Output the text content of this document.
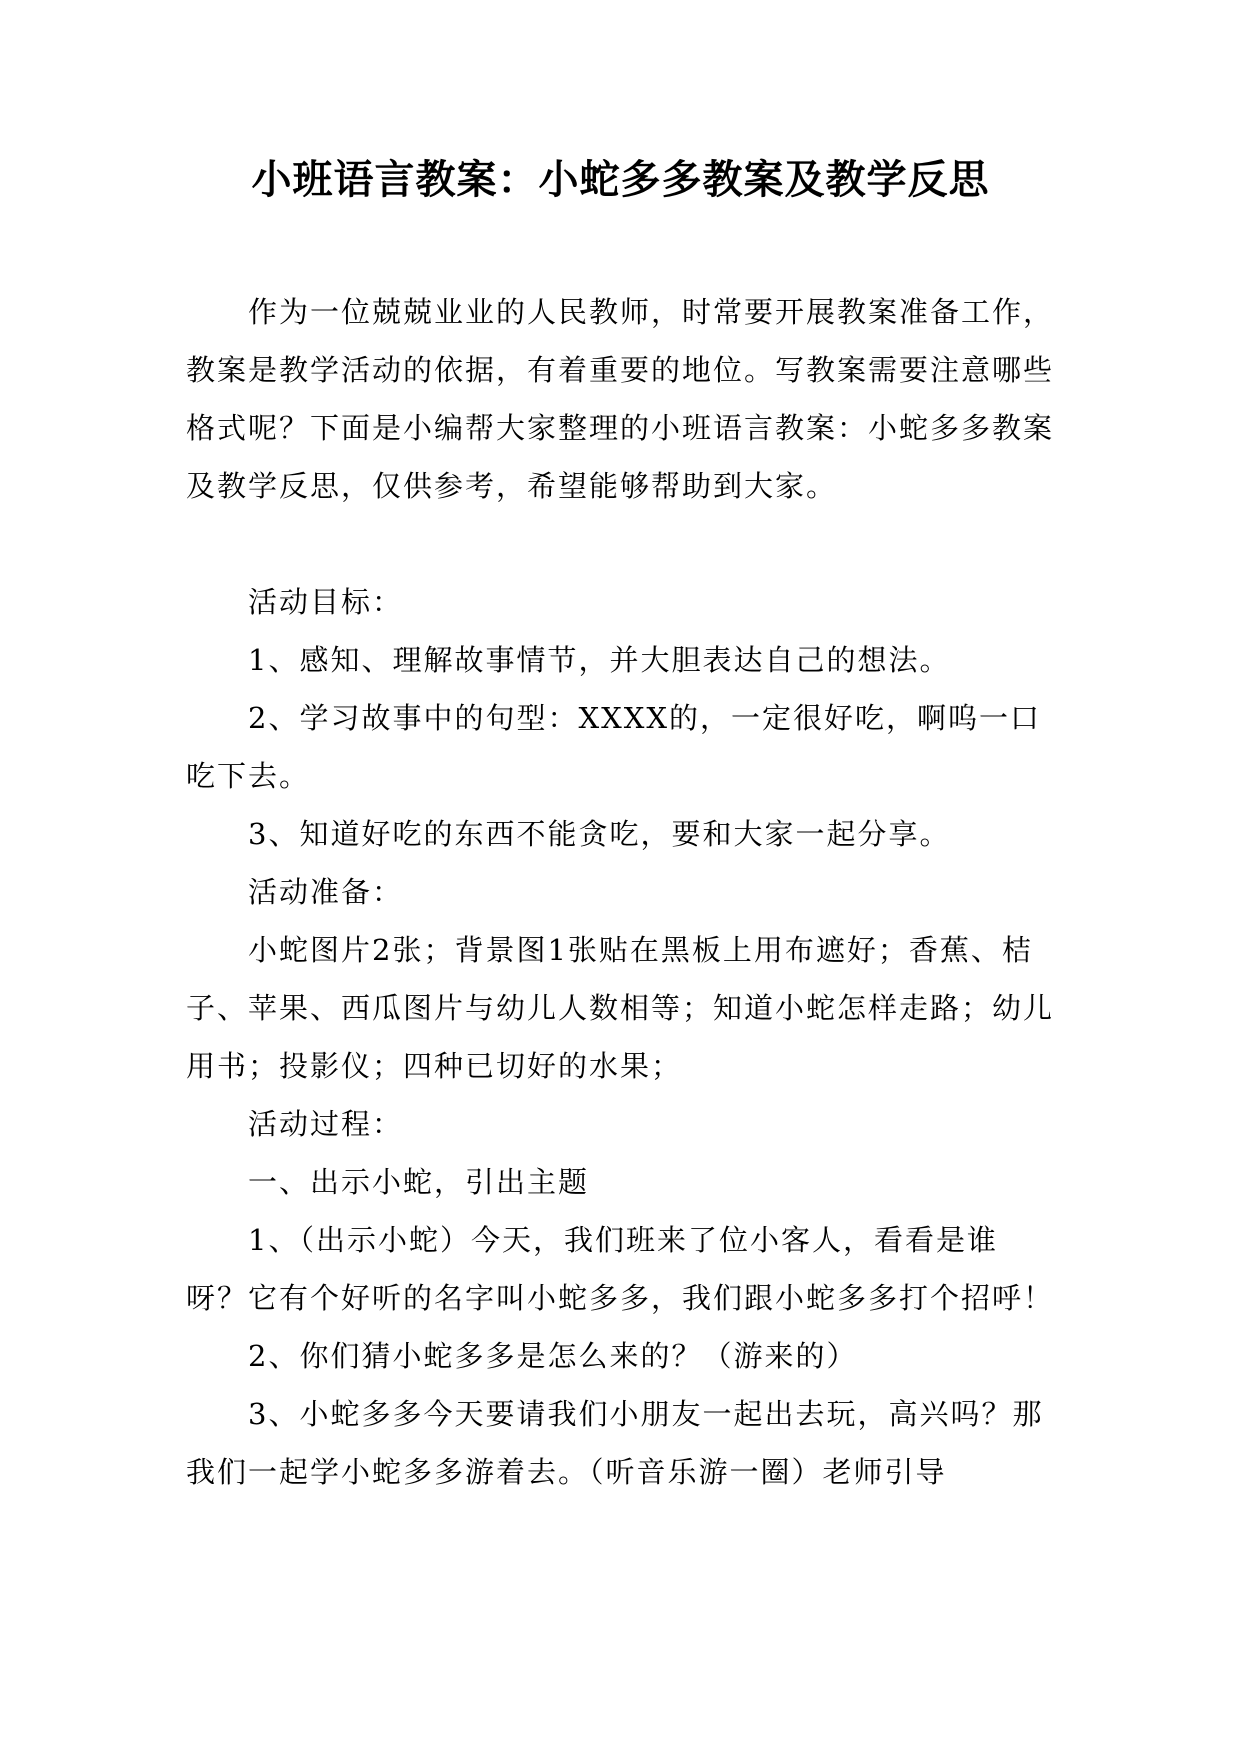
小班语言教案：小蛇多多教案及教学反思

作为一位兢兢业业的人民教师，时常要开展教案准备工作，教案是教学活动的依据，有着重要的地位。写教案需要注意哪些格式呢？下面是小编帮大家整理的小班语言教案：小蛇多多教案及教学反思，仅供参考，希望能够帮助到大家。

活动目标：

1、感知、理解故事情节，并大胆表达自己的想法。

2、学习故事中的句型：XXXX的，一定很好吃，啊呜一口吃下去。

3、知道好吃的东西不能贪吃，要和大家一起分享。

活动准备：

小蛇图片2张；背景图1张贴在黑板上用布遮好；香蕉、桔子、苹果、西瓜图片与幼儿人数相等；知道小蛇怎样走路；幼儿用书；投影仪；四种已切好的水果；

活动过程：

一、出示小蛇，引出主题

1、（出示小蛇）今天，我们班来了位小客人，看看是谁呀？它有个好听的名字叫小蛇多多，我们跟小蛇多多打个招呼！

2、你们猜小蛇多多是怎么来的？（游来的）

3、小蛇多多今天要请我们小朋友一起出去玩，高兴吗？那我们一起学小蛇多多游着去。（听音乐游一圈）老师引导
